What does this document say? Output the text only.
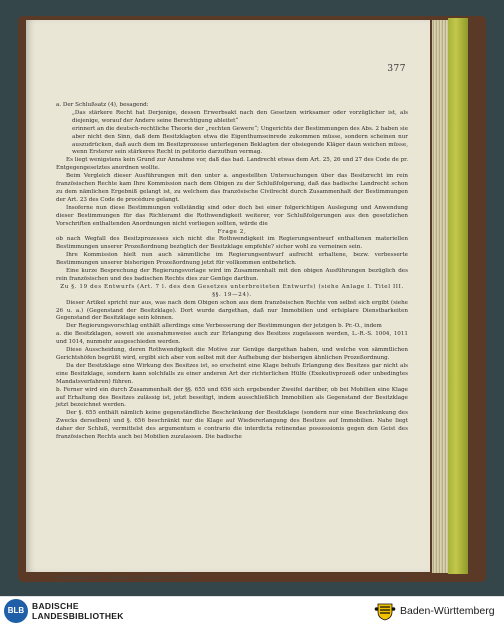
377

a. Der Schlußsatz (4), besagend:

„Das stärkere Recht hat Derjenige, dessen Erwerbsakt nach den Gesetzen wirksamer oder vorzüglicher ist, als diejenige, worauf der Andere seine Berechtigung ableitet“

erinnert an die deutsch-rechtliche Theorie der „rechten Gewere“; Ungerichts der Bestimmungen des Abs. 2 haben sie aber nicht den Sinn, daß dem Besitzklagten etwa die Eigenthumseinrede zukommen müsse, sondern scheinen nur auszudrücken, daß auch dem im Besitzprozesse unterlegenen Beklagten der obsiegende Kläger daun weichen müsse, wenn Ersterer sein stärkeres Recht in petitorio darzuthun vermag.

Es liegt wenigstens kein Grund zur Annahme vor, daß das bad. Landrecht etwas dem Art. 25, 26 und 27 des Code de pr. Entgegengesetztes anordnen wollte.

Beim Vergleich dieser Ausführungen mit den unter a. angestellten Untersuchungen über das Besitzrecht im rein französischen Rechte kam Ihre Kommission nach dem Obigen zu der Schlußfolgerung, daß das badische Landrecht schon zu dem nämlichen Ergebniß gelangt ist, zu welchem das französische Civilrecht durch Zusammenhalt der Bestimmungen der Art. 23 des Code de procédure gelangt.

Insoferne nun diese Bestimmungen vollständig sind oder doch bei einer folgerichtigen Auslegung und Anwendung dieser Bestimmungen für das Richteramt die Rothwendigkeit weiterer, vor Schlußfolgerungen aus den gesetzlichen Vorschriften enthaltenden Anordnungen nicht vorliegen sollten, würde die

Frage 2,

ob nach Wegfall des Besitzprozesses sich nicht die Rothwendigkeit im Regierungsentwurf enthaltenen materiellen Bestimmungen unserer Prozeßordnung bezüglich der Besitzklage empfehle? sicher wohl zu verneinen sein.

Ihre Kommission hielt nun auch sämmtliche im Regierungsentwurf aufrecht erhaltene, bezw. verbesserte Bestimmungen unserer bisherigen Prozeßordnung jetzt für vollkommen entbehrlich.

Eine kurze Besprechung der Regierungsvorlage wird im Zusammenhalt mit den obigen Ausführungen bezüglich des rein französischen und des badischen Rechts dies zur Genüge darthun.

Zu §. 19 des Entwurfs (Art. 7 l. des den Gesetzes unterbreiteten Entwurfs) (siehe Anlage I. Titel III. §§. 19—24).

Dieser Artikel spricht nur aus, was nach dem Obigen schon aus dem französischen Rechte von selbst sich ergibt (siehe 26 u. a.) (Gegenstand der Besitzklage). Dort wurde dargethan, daß nur Immobilien und erfsiplare Dienstbarkeiten Gegenstand der Besitzklage sein können.

Der Regierungsvorschlag enthält allerdings eine Verbesserung der Bestimmungen der jetzigen b. Pr.-O., indem

a. die Besitzklagen, soweit sie ausnahmsweise auch zur Erlangung des Besitzes zugelassen werden, L.-R.-S. 1004, 1011 und 1014, nunmehr ausgeschieden werden.

Diese Ausscheidung, deren Rothwendigkeit die Motive zur Genüge dargethan haben, und welche von sämmtlichen Gerichtshöfen begrüßt wird, ergibt sich aber von selbst mit der Aufhebung der bisherigen ähnlichen Prozeßordnung.

Da der Besitzklage eine Wirkung des Besitzes ist, so erscheint eine Klage behufs Erlangung des Besitzes gar nicht als eine Besitzklage, sondern kann solchfalls zu einer anderen Art der richterlichen Hülfe (Exekutivprozeß oder unbedingtes Mandatsverfahren) führen.

b. Ferner wird ein durch Zusammenhalt der §§. 655 und 656 sich ergebender Zweifel darüber, ob bei Mobilien eine Klage auf Erhaltung des Besitzes zulässig ist, jetzt beseitigt, indem ausschließlich Immobilien als Gegenstand der Besitzklage jetzt bezeichnet werden.

Der §. 655 enthält nämlich keine gegenständliche Beschränkung der Besitzklage (sondern nur eine Beschränkung des Zwecks derselben) und §. 656 beschränkt nur die Klage auf Wiedererlangung des Besitzes auf Immobilien. Nahe liegt daher der Schluß, vermittelst des argumentum e contrario die interdicta retinendae possessionis gegen den Geist des französischen Rechts auch bei Mobilien zuzulassen. Die badische

Verhandlungen der 2. Kammer. 45 Beilagenheft 1877/78.	61
BLB BADISCHE
LANDESBIBLIOTHEK	Baden-Württemberg
